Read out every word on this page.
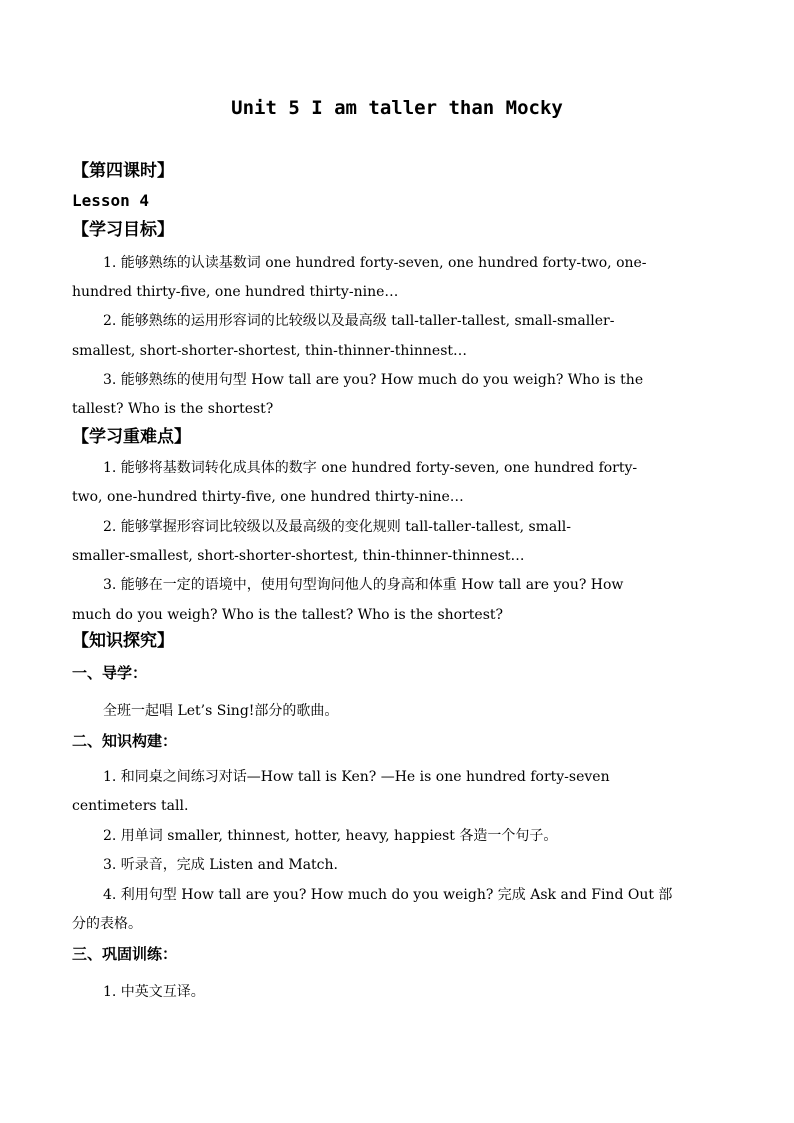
Unit 5 I am taller than Mocky
【第四课时】
Lesson 4
【学习目标】
1. 能够熟练的认读基数词 one hundred forty-seven, one hundred forty-two, one-
hundred thirty-five, one hundred thirty-nine…
2. 能够熟练的运用形容词的比较级以及最高级 tall-taller-tallest, small-smaller-
smallest, short-shorter-shortest, thin-thinner-thinnest…
3. 能够熟练的使用句型 How tall are you? How much do you weigh? Who is the
tallest? Who is the shortest?
【学习重难点】
1. 能够将基数词转化成具体的数字 one hundred forty-seven, one hundred forty-
two, one-hundred thirty-five, one hundred thirty-nine…
2. 能够掌握形容词比较级以及最高级的变化规则 tall-taller-tallest, small-
smaller-smallest, short-shorter-shortest, thin-thinner-thinnest…
3. 能够在一定的语境中，使用句型询问他人的身高和体重 How tall are you? How
much do you weigh? Who is the tallest? Who is the shortest?
【知识探究】
一、导学：
全班一起唱 Let’s Sing!部分的歌曲。
二、知识构建：
1. 和同桌之间练习对话—How tall is Ken? —He is one hundred forty-seven
centimeters tall.
2. 用单词 smaller, thinnest, hotter, heavy, happiest 各造一个句子。
3. 听录音，完成 Listen and Match.
4. 利用句型 How tall are you? How much do you weigh? 完成 Ask and Find Out 部
分的表格。
三、巩固训练：
1. 中英文互译。
